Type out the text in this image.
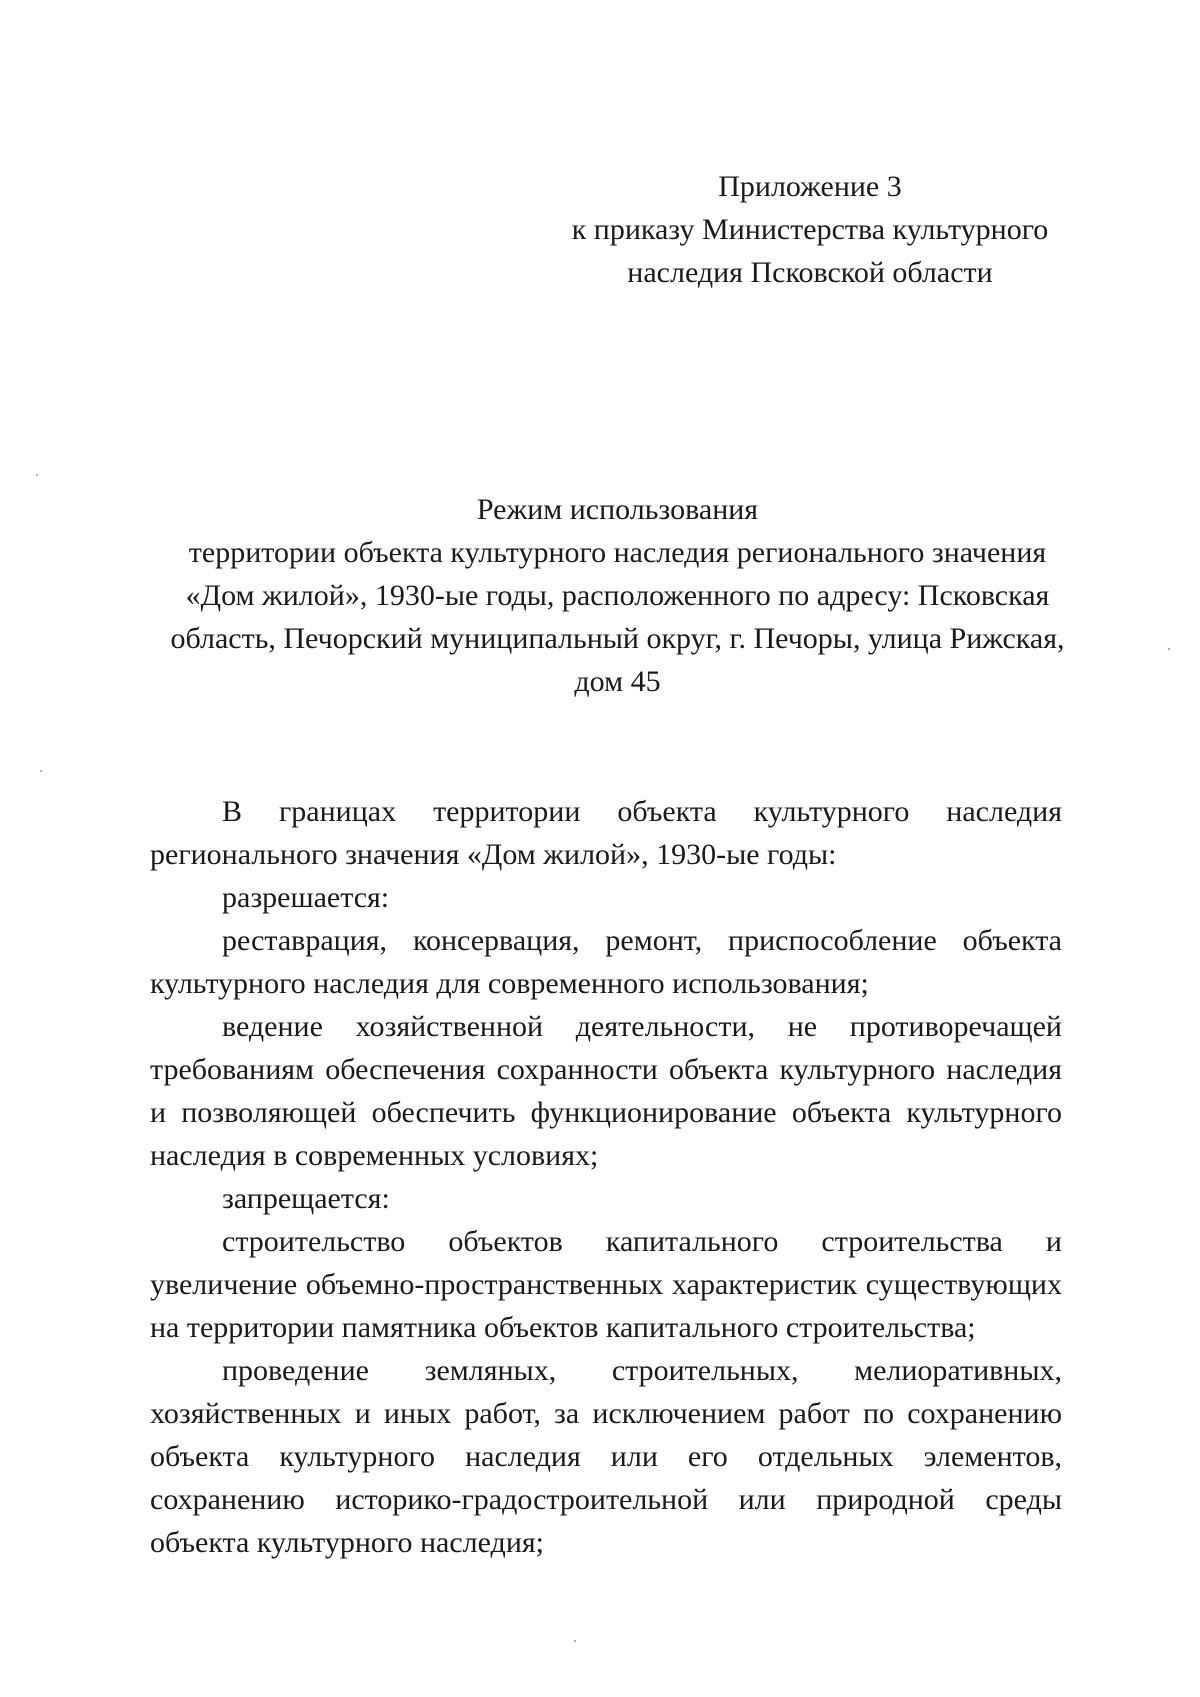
Приложение 3
к приказу Министерства культурного
наследия Псковской области
Режим использования
территории объекта культурного наследия регионального значения
«Дом жилой», 1930-ые годы, расположенного по адресу: Псковская
область, Печорский муниципальный округ, г. Печоры, улица Рижская,
дом 45

В границах территории объекта культурного наследия регионального значения «Дом жилой», 1930-ые годы:

разрешается:

реставрация, консервация, ремонт, приспособление объекта культурного наследия для современного использования;

ведение хозяйственной деятельности, не противоречащей требованиям обеспечения сохранности объекта культурного наследия и позволяющей обеспечить функционирование объекта культурного наследия в современных условиях;

запрещается:

строительство объектов капитального строительства и увеличение объемно-пространственных характеристик существующих на территории памятника объектов капитального строительства;

проведение земляных, строительных, мелиоративных, хозяйственных и иных работ, за исключением работ по сохранению объекта культурного наследия или его отдельных элементов, сохранению историко-градостроительной или природной среды объекта культурного наследия;
